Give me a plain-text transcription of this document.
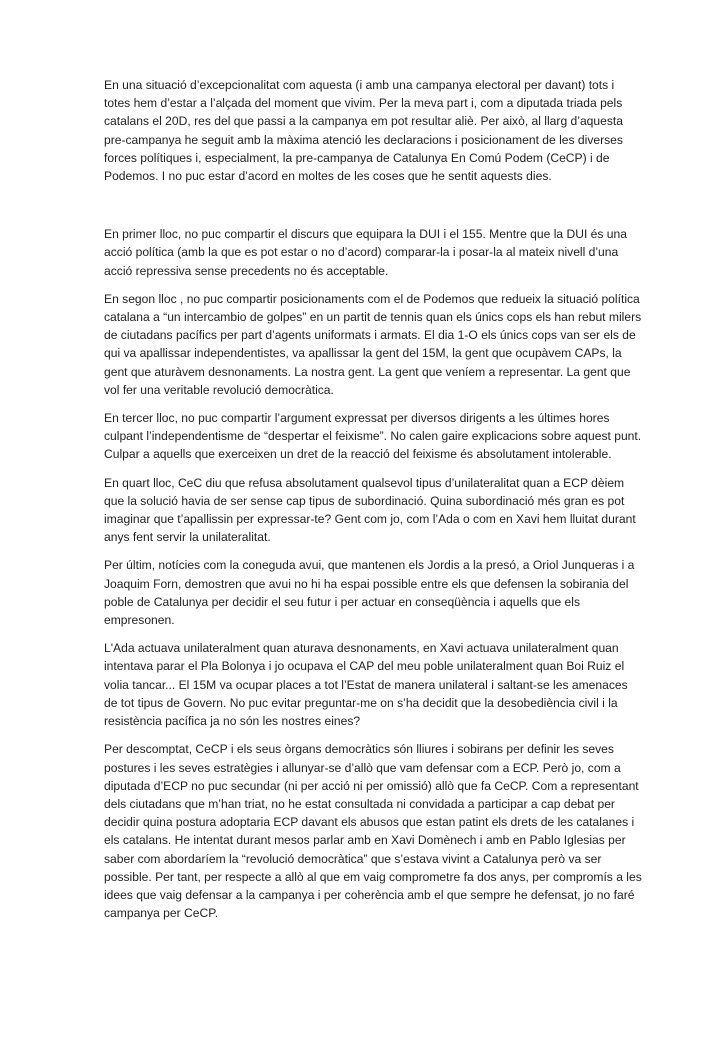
En una situació d’excepcionalitat com aquesta (i amb una campanya electoral per davant) tots i totes hem d’estar a l’alçada del moment que vivim. Per la meva part i, com a diputada triada pels catalans el 20D, res del que passi a la campanya em pot resultar aliè. Per això, al llarg d’aquesta pre-campanya he seguit amb la màxima atenció les declaracions i posicionament de les diverses forces polítiques i, especialment, la pre-campanya de Catalunya En Comú Podem (CeCP) i de Podemos. I no puc estar d’acord en moltes de les coses que he sentit aquests dies.

En primer lloc, no puc compartir el discurs que equipara la DUI i el 155. Mentre que la DUI és una acció política (amb la que es pot estar o no d’acord) comparar-la i posar-la al mateix nivell d’una acció repressiva sense precedents no és acceptable.

En segon lloc , no puc compartir posicionaments com el de Podemos que redueix la situació política catalana a “un intercambio de golpes” en un partit de tennis quan els únics cops els han rebut milers de ciutadans pacífics per part d’agents uniformats i armats. El dia 1-O els únics cops van ser els de qui va apallissar independentistes, va apallissar la gent del 15M, la gent que ocupàvem CAPs, la gent que aturàvem desnonaments. La nostra gent. La gent que veníem a representar. La gent que vol fer una veritable revolució democràtica.

En tercer lloc, no puc compartir l’argument expressat per diversos dirigents a les últimes hores culpant l’independentisme de “despertar el feixisme”. No calen gaire explicacions sobre aquest punt. Culpar a aquells que exerceixen un dret de la reacció del feixisme és absolutament intolerable.

En quart lloc, CeC diu que refusa absolutament qualsevol tipus d’unilateralitat quan a ECP dèiem que la solució havia de ser sense cap tipus de subordinació. Quina subordinació més gran es pot imaginar que t’apallissin per expressar-te? Gent com jo, com l’Ada o com en Xavi hem lluitat durant anys fent servir la unilateralitat.

Per últim, notícies com la coneguda avui, que mantenen els Jordis a la presó, a Oriol Junqueras i a Joaquim Forn, demostren que avui no hi ha espai possible entre els que defensen la sobirania del poble de Catalunya per decidir el seu futur i per actuar en conseqüència i aquells que els empresonen.

L'Ada actuava unilateralment quan aturava desnonaments, en Xavi actuava unilateralment quan intentava parar el Pla Bolonya i jo ocupava el CAP del meu poble unilateralment quan Boi Ruiz el volia tancar... El 15M va ocupar places a tot l’Estat de manera unilateral i saltant-se les amenaces de tot tipus de Govern. No puc evitar preguntar-me on s’ha decidit que la desobediència civil i la resistència pacífica ja no són les nostres eines?

Per descomptat, CeCP i els seus òrgans democràtics són lliures i sobirans per definir les seves postures i les seves estratègies i allunyar-se d’allò que vam defensar com a ECP. Però jo, com a diputada d’ECP no puc secundar (ni per acció ni per omissió) allò que fa CeCP. Com a representant dels ciutadans que m’han triat, no he estat consultada ni convidada a participar a cap debat per decidir quina postura adoptaria ECP davant els abusos que estan patint els drets de les catalanes i els catalans. He intentat durant mesos parlar amb en Xavi Domènech i amb en Pablo Iglesias per saber com abordaríem la “revolució democràtica” que s’estava vivint a Catalunya però va ser possible. Per tant, per respecte a allò al que em vaig comprometre fa dos anys, per compromís a les idees que vaig defensar a la campanya i per coherència amb el que sempre he defensat, jo no faré campanya per CeCP.
